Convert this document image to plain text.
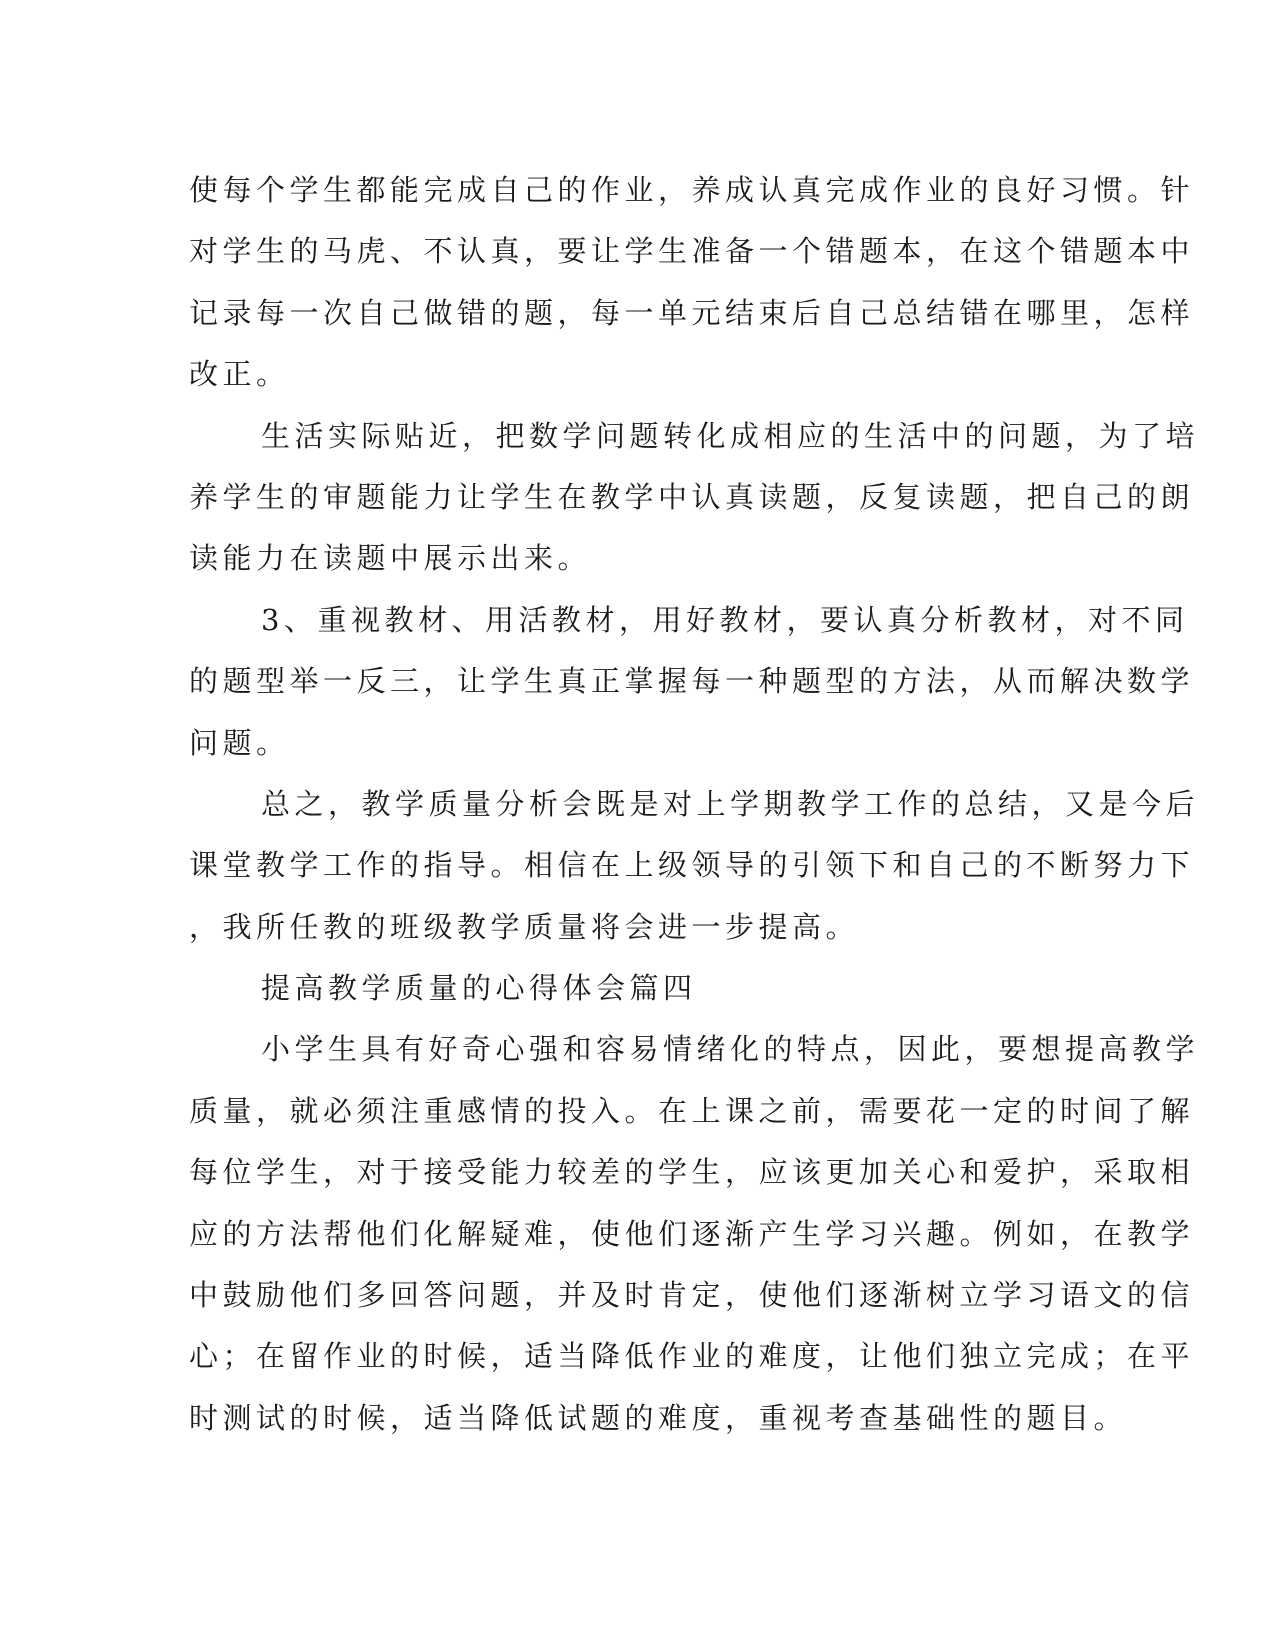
使每个学生都能完成自己的作业，养成认真完成作业的良好习惯。针
对学生的马虎、不认真，要让学生准备一个错题本，在这个错题本中
记录每一次自己做错的题，每一单元结束后自己总结错在哪里，怎样
改正。
生活实际贴近，把数学问题转化成相应的生活中的问题，为了培
养学生的审题能力让学生在教学中认真读题，反复读题，把自己的朗
读能力在读题中展示出来。
3、重视教材、用活教材，用好教材，要认真分析教材，对不同
的题型举一反三，让学生真正掌握每一种题型的方法，从而解决数学
问题。
总之，教学质量分析会既是对上学期教学工作的总结，又是今后
课堂教学工作的指导。相信在上级领导的引领下和自己的不断努力下
，我所任教的班级教学质量将会进一步提高。
提高教学质量的心得体会篇四
小学生具有好奇心强和容易情绪化的特点，因此，要想提高教学
质量，就必须注重感情的投入。在上课之前，需要花一定的时间了解
每位学生，对于接受能力较差的学生，应该更加关心和爱护，采取相
应的方法帮他们化解疑难，使他们逐渐产生学习兴趣。例如，在教学
中鼓励他们多回答问题，并及时肯定，使他们逐渐树立学习语文的信
心；在留作业的时候，适当降低作业的难度，让他们独立完成；在平
时测试的时候，适当降低试题的难度，重视考查基础性的题目。
